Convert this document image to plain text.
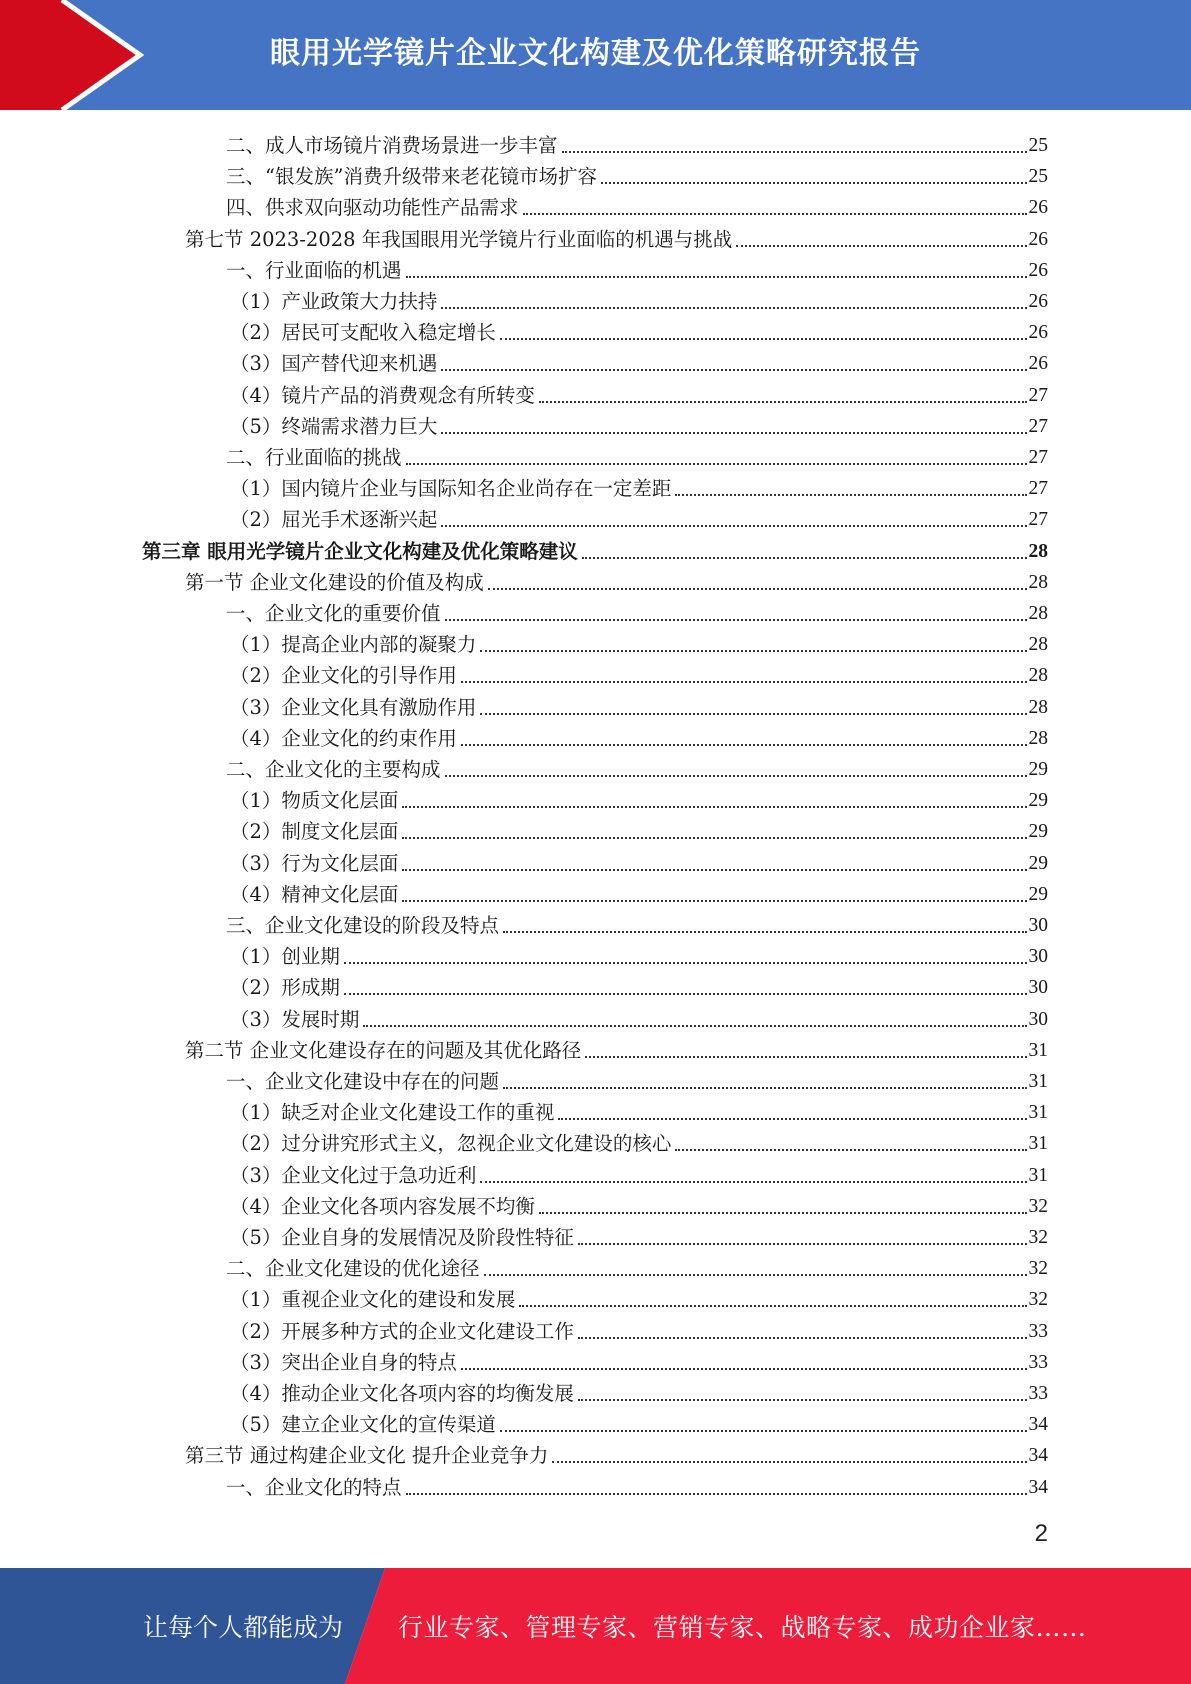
眼用光学镜片企业文化构建及优化策略研究报告
二、成人市场镜片消费场景进一步丰富	25
三、“银发族”消费升级带来老花镜市场扩容	25
四、供求双向驱动功能性产品需求	26
第七节 2023-2028 年我国眼用光学镜片行业面临的机遇与挑战	26
一、行业面临的机遇	26
（1）产业政策大力扶持	26
（2）居民可支配收入稳定增长	26
（3）国产替代迎来机遇	26
（4）镜片产品的消费观念有所转变	27
（5）终端需求潜力巨大	27
二、行业面临的挑战	27
（1）国内镜片企业与国际知名企业尚存在一定差距	27
（2）屈光手术逐渐兴起	27
第三章 眼用光学镜片企业文化构建及优化策略建议	28
第一节 企业文化建设的价值及构成	28
一、企业文化的重要价值	28
（1）提高企业内部的凝聚力	28
（2）企业文化的引导作用	28
（3）企业文化具有激励作用	28
（4）企业文化的约束作用	28
二、企业文化的主要构成	29
（1）物质文化层面	29
（2）制度文化层面	29
（3）行为文化层面	29
（4）精神文化层面	29
三、企业文化建设的阶段及特点	30
（1）创业期	30
（2）形成期	30
（3）发展时期	30
第二节 企业文化建设存在的问题及其优化路径	31
一、企业文化建设中存在的问题	31
（1）缺乏对企业文化建设工作的重视	31
（2）过分讲究形式主义，忽视企业文化建设的核心	31
（3）企业文化过于急功近利	31
（4）企业文化各项内容发展不均衡	32
（5）企业自身的发展情况及阶段性特征	32
二、企业文化建设的优化途径	32
（1）重视企业文化的建设和发展	32
（2）开展多种方式的企业文化建设工作	33
（3）突出企业自身的特点	33
（4）推动企业文化各项内容的均衡发展	33
（5）建立企业文化的宣传渠道	34
第三节 通过构建企业文化 提升企业竞争力	34
一、企业文化的特点	34
2
让每个人都能成为 行业专家、管理专家、营销专家、战略专家、成功企业家……
